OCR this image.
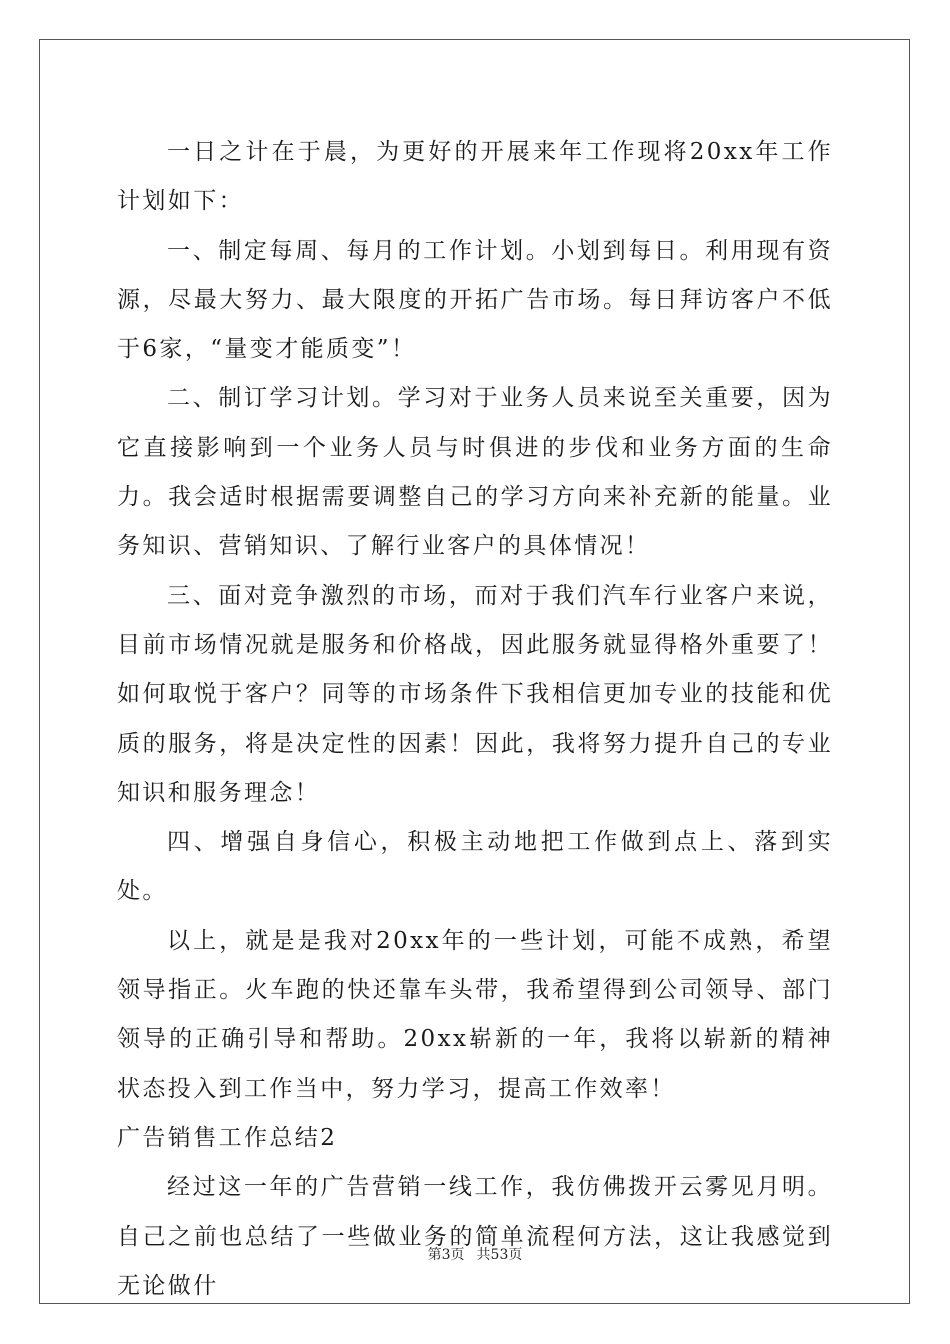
一日之计在于晨，为更好的开展来年工作现将20xx年工作计划如下：

一、制定每周、每月的工作计划。小划到每日。利用现有资源，尽最大努力、最大限度的开拓广告市场。每日拜访客户不低于6家，“量变才能质变”！

二、制订学习计划。学习对于业务人员来说至关重要，因为它直接影响到一个业务人员与时俱进的步伐和业务方面的生命力。我会适时根据需要调整自己的学习方向来补充新的能量。业务知识、营销知识、了解行业客户的具体情况！

三、面对竞争激烈的市场，而对于我们汽车行业客户来说，目前市场情况就是服务和价格战，因此服务就显得格外重要了！如何取悦于客户？同等的市场条件下我相信更加专业的技能和优质的服务，将是决定性的因素！因此，我将努力提升自己的专业知识和服务理念！

四、增强自身信心，积极主动地把工作做到点上、落到实处。

以上，就是是我对20xx年的一些计划，可能不成熟，希望领导指正。火车跑的快还靠车头带，我希望得到公司领导、部门领导的正确引导和帮助。20xx崭新的一年，我将以崭新的精神状态投入到工作当中，努力学习，提高工作效率！

广告销售工作总结2

经过这一年的广告营销一线工作，我仿佛拨开云雾见月明。自己之前也总结了一些做业务的简单流程何方法，这让我感觉到无论做什

第3页 共53页
